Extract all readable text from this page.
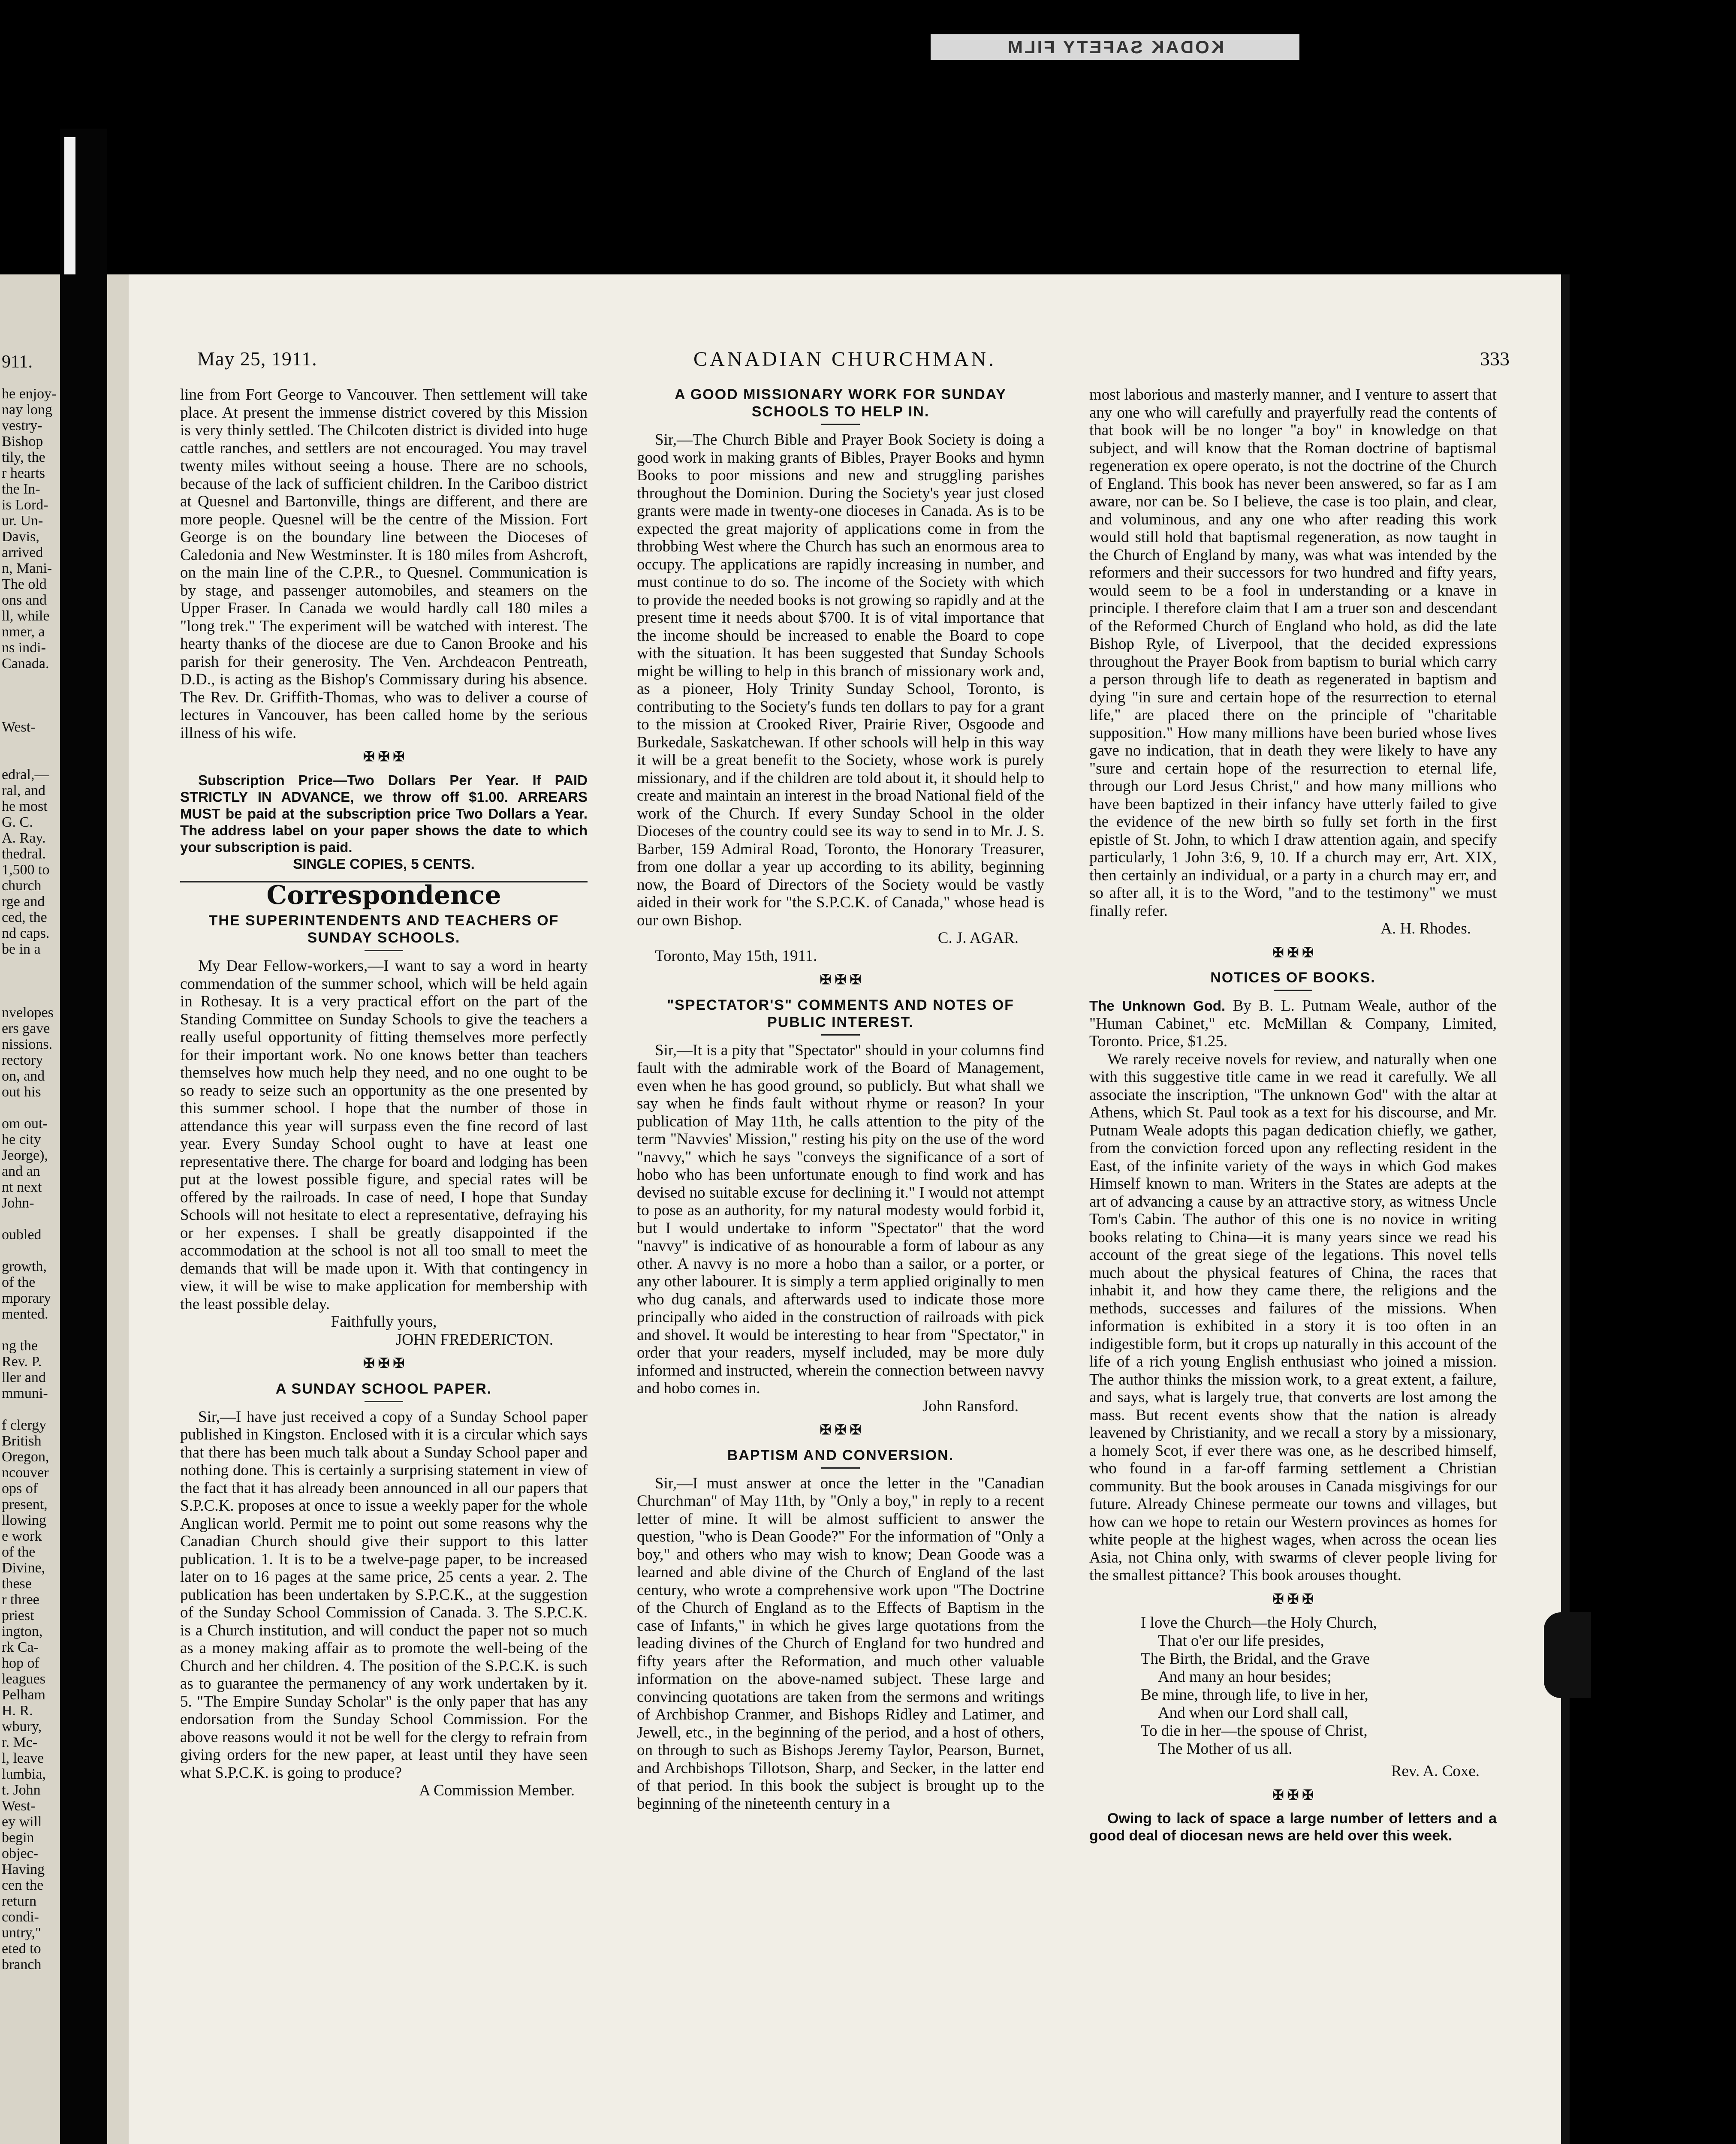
KODAK SAFETY FILM
911.
he enjoy-
nay long
vestry-
Bishop
tily, the
r hearts
the In-
is Lord-
ur. Un-
Davis,
arrived
n, Mani-
The old
ons and
ll, while
nmer, a
ns indi-
Canada.

West-

edral,—
ral, and
he most
G. C.
A. Ray.
thedral.
1,500 to
church
rge and
ced, the
nd caps.
be in a

nvelopes
ers gave
nissions.
rectory
on, and
out his

om out-
he city
Jeorge),
and an
nt next
John-

oubled

growth,
of the
mporary
mented.

ng the
Rev. P.
ller and
mmuni-

f clergy
British
Oregon,
ncouver
ops of
present,
llowing
e work
of the
Divine,
these
r three
priest
ington,
rk Ca-
hop of
leagues
Pelham
H. R.
wbury,
r. Mc-
l, leave
lumbia,
t. John
West-
ey will
begin
objec-
Having
cen the
return
condi-
untry,"
eted to
branch
May 25, 1911.	CANADIAN CHURCHMAN.	333

line from Fort George to Vancouver. Then settlement will take place. At present the immense district covered by this Mission is very thinly settled. The Chilcoten district is divided into huge cattle ranches, and settlers are not encouraged. You may travel twenty miles without seeing a house. There are no schools, because of the lack of sufficient children. In the Cariboo district at Quesnel and Bartonville, things are different, and there are more people. Quesnel will be the centre of the Mission. Fort George is on the boundary line between the Dioceses of Caledonia and New Westminster. It is 180 miles from Ashcroft, on the main line of the C.P.R., to Quesnel. Communication is by stage, and passenger automobiles, and steamers on the Upper Fraser. In Canada we would hardly call 180 miles a "long trek." The experiment will be watched with interest. The hearty thanks of the diocese are due to Canon Brooke and his parish for their generosity. The Ven. Archdeacon Pentreath, D.D., is acting as the Bishop's Commissary during his absence. The Rev. Dr. Griffith-Thomas, who was to deliver a course of lectures in Vancouver, has been called home by the serious illness of his wife.

✠ ✠ ✠

Subscription Price—Two Dollars Per Year. If PAID STRICTLY IN ADVANCE, we throw off $1.00. ARREARS MUST be paid at the subscription price Two Dollars a Year. The address label on your paper shows the date to which your subscription is paid.

SINGLE COPIES, 5 CENTS.
Correspondence
THE SUPERINTENDENTS AND TEACHERS OF SUNDAY SCHOOLS.

My Dear Fellow-workers,—I want to say a word in hearty commendation of the summer school, which will be held again in Rothesay. It is a very practical effort on the part of the Standing Committee on Sunday Schools to give the teachers a really useful opportunity of fitting themselves more perfectly for their important work. No one knows better than teachers themselves how much help they need, and no one ought to be so ready to seize such an opportunity as the one presented by this summer school. I hope that the number of those in attendance this year will surpass even the fine record of last year. Every Sunday School ought to have at least one representative there. The charge for board and lodging has been put at the lowest possible figure, and special rates will be offered by the railroads. In case of need, I hope that Sunday Schools will not hesitate to elect a representative, defraying his or her expenses. I shall be greatly disappointed if the accommodation at the school is not all too small to meet the demands that will be made upon it. With that contingency in view, it will be wise to make application for membership with the least possible delay.

Faithfully yours,
JOHN FREDERICTON.
✠ ✠ ✠
A SUNDAY SCHOOL PAPER.

Sir,—I have just received a copy of a Sunday School paper published in Kingston. Enclosed with it is a circular which says that there has been much talk about a Sunday School paper and nothing done. This is certainly a surprising statement in view of the fact that it has already been announced in all our papers that S.P.C.K. proposes at once to issue a weekly paper for the whole Anglican world. Permit me to point out some reasons why the Canadian Church should give their support to this latter publication. 1. It is to be a twelve-page paper, to be increased later on to 16 pages at the same price, 25 cents a year. 2. The publication has been undertaken by S.P.C.K., at the suggestion of the Sunday School Commission of Canada. 3. The S.P.C.K. is a Church institution, and will conduct the paper not so much as a money making affair as to promote the well-being of the Church and her children. 4. The position of the S.P.C.K. is such as to guarantee the permanency of any work undertaken by it. 5. "The Empire Sunday Scholar" is the only paper that has any endorsation from the Sunday School Commission. For the above reasons would it not be well for the clergy to refrain from giving orders for the new paper, at least until they have seen what S.P.C.K. is going to produce?

A Commission Member.
A GOOD MISSIONARY WORK FOR SUNDAY SCHOOLS TO HELP IN.

Sir,—The Church Bible and Prayer Book Society is doing a good work in making grants of Bibles, Prayer Books and hymn Books to poor missions and new and struggling parishes throughout the Dominion. During the Society's year just closed grants were made in twenty-one dioceses in Canada. As is to be expected the great majority of applications come in from the throbbing West where the Church has such an enormous area to occupy. The applications are rapidly increasing in number, and must continue to do so. The income of the Society with which to provide the needed books is not growing so rapidly and at the present time it needs about $700. It is of vital importance that the income should be increased to enable the Board to cope with the situation. It has been suggested that Sunday Schools might be willing to help in this branch of missionary work and, as a pioneer, Holy Trinity Sunday School, Toronto, is contributing to the Society's funds ten dollars to pay for a grant to the mission at Crooked River, Prairie River, Osgoode and Burkedale, Saskatchewan. If other schools will help in this way it will be a great benefit to the Society, whose work is purely missionary, and if the children are told about it, it should help to create and maintain an interest in the broad National field of the work of the Church. If every Sunday School in the older Dioceses of the country could see its way to send in to Mr. J. S. Barber, 159 Admiral Road, Toronto, the Honorary Treasurer, from one dollar a year up according to its ability, beginning now, the Board of Directors of the Society would be vastly aided in their work for "the S.P.C.K. of Canada," whose head is our own Bishop.

C. J. AGAR.

Toronto, May 15th, 1911.

✠ ✠ ✠
"SPECTATOR'S" COMMENTS AND NOTES OF PUBLIC INTEREST.

Sir,—It is a pity that "Spectator" should in your columns find fault with the admirable work of the Board of Management, even when he has good ground, so publicly. But what shall we say when he finds fault without rhyme or reason? In your publication of May 11th, he calls attention to the pity of the term "Navvies' Mission," resting his pity on the use of the word "navvy," which he says "conveys the significance of a sort of hobo who has been unfortunate enough to find work and has devised no suitable excuse for declining it." I would not attempt to pose as an authority, for my natural modesty would forbid it, but I would undertake to inform "Spectator" that the word "navvy" is indicative of as honourable a form of labour as any other. A navvy is no more a hobo than a sailor, or a porter, or any other labourer. It is simply a term applied originally to men who dug canals, and afterwards used to indicate those more principally who aided in the construction of railroads with pick and shovel. It would be interesting to hear from "Spectator," in order that your readers, myself included, may be more duly informed and instructed, wherein the connection between navvy and hobo comes in.

John Ransford.
✠ ✠ ✠
BAPTISM AND CONVERSION.

Sir,—I must answer at once the letter in the "Canadian Churchman" of May 11th, by "Only a boy," in reply to a recent letter of mine. It will be almost sufficient to answer the question, "who is Dean Goode?" For the information of "Only a boy," and others who may wish to know; Dean Goode was a learned and able divine of the Church of England of the last century, who wrote a comprehensive work upon "The Doctrine of the Church of England as to the Effects of Baptism in the case of Infants," in which he gives large quotations from the leading divines of the Church of England for two hundred and fifty years after the Reformation, and much other valuable information on the above-named subject. These large and convincing quotations are taken from the sermons and writings of Archbishop Cranmer, and Bishops Ridley and Latimer, and Jewell, etc., in the beginning of the period, and a host of others, on through to such as Bishops Jeremy Taylor, Pearson, Burnet, and Archbishops Tillotson, Sharp, and Secker, in the latter end of that period. In this book the subject is brought up to the beginning of the nineteenth century in a

most laborious and masterly manner, and I venture to assert that any one who will carefully and prayerfully read the contents of that book will be no longer "a boy" in knowledge on that subject, and will know that the Roman doctrine of baptismal regeneration ex opere operato, is not the doctrine of the Church of England. This book has never been answered, so far as I am aware, nor can be. So I believe, the case is too plain, and clear, and voluminous, and any one who after reading this work would still hold that baptismal regeneration, as now taught in the Church of England by many, was what was intended by the reformers and their successors for two hundred and fifty years, would seem to be a fool in understanding or a knave in principle. I therefore claim that I am a truer son and descendant of the Reformed Church of England who hold, as did the late Bishop Ryle, of Liverpool, that the decided expressions throughout the Prayer Book from baptism to burial which carry a person through life to death as regenerated in baptism and dying "in sure and certain hope of the resurrection to eternal life," are placed there on the principle of "charitable supposition." How many millions have been buried whose lives gave no indication, that in death they were likely to have any "sure and certain hope of the resurrection to eternal life, through our Lord Jesus Christ," and how many millions who have been baptized in their infancy have utterly failed to give the evidence of the new birth so fully set forth in the first epistle of St. John, to which I draw attention again, and specify particularly, 1 John 3:6, 9, 10. If a church may err, Art. XIX, then certainly an individual, or a party in a church may err, and so after all, it is to the Word, "and to the testimony" we must finally refer.

A. H. Rhodes.
✠ ✠ ✠
NOTICES OF BOOKS.

The Unknown God. By B. L. Putnam Weale, author of the "Human Cabinet," etc. McMillan & Company, Limited, Toronto. Price, $1.25.

We rarely receive novels for review, and naturally when one with this suggestive title came in we read it carefully. We all associate the inscription, "The unknown God" with the altar at Athens, which St. Paul took as a text for his discourse, and Mr. Putnam Weale adopts this pagan dedication chiefly, we gather, from the conviction forced upon any reflecting resident in the East, of the infinite variety of the ways in which God makes Himself known to man. Writers in the States are adepts at the art of advancing a cause by an attractive story, as witness Uncle Tom's Cabin. The author of this one is no novice in writing books relating to China—it is many years since we read his account of the great siege of the legations. This novel tells much about the physical features of China, the races that inhabit it, and how they came there, the religions and the methods, successes and failures of the missions. When information is exhibited in a story it is too often in an indigestible form, but it crops up naturally in this account of the life of a rich young English enthusiast who joined a mission. The author thinks the mission work, to a great extent, a failure, and says, what is largely true, that converts are lost among the mass. But recent events show that the nation is already leavened by Christianity, and we recall a story by a missionary, a homely Scot, if ever there was one, as he described himself, who found in a far-off farming settlement a Christian community. But the book arouses in Canada misgivings for our future. Already Chinese permeate our towns and villages, but how can we hope to retain our Western provinces as homes for white people at the highest wages, when across the ocean lies Asia, not China only, with swarms of clever people living for the smallest pittance? This book arouses thought.

✠ ✠ ✠
I love the Church—the Holy Church,
That o'er our life presides,
The Birth, the Bridal, and the Grave
And many an hour besides;
Be mine, through life, to live in her,
And when our Lord shall call,
To die in her—the spouse of Christ,
The Mother of us all.
Rev. A. Coxe.
✠ ✠ ✠

Owing to lack of space a large number of letters and a good deal of diocesan news are held over this week.
